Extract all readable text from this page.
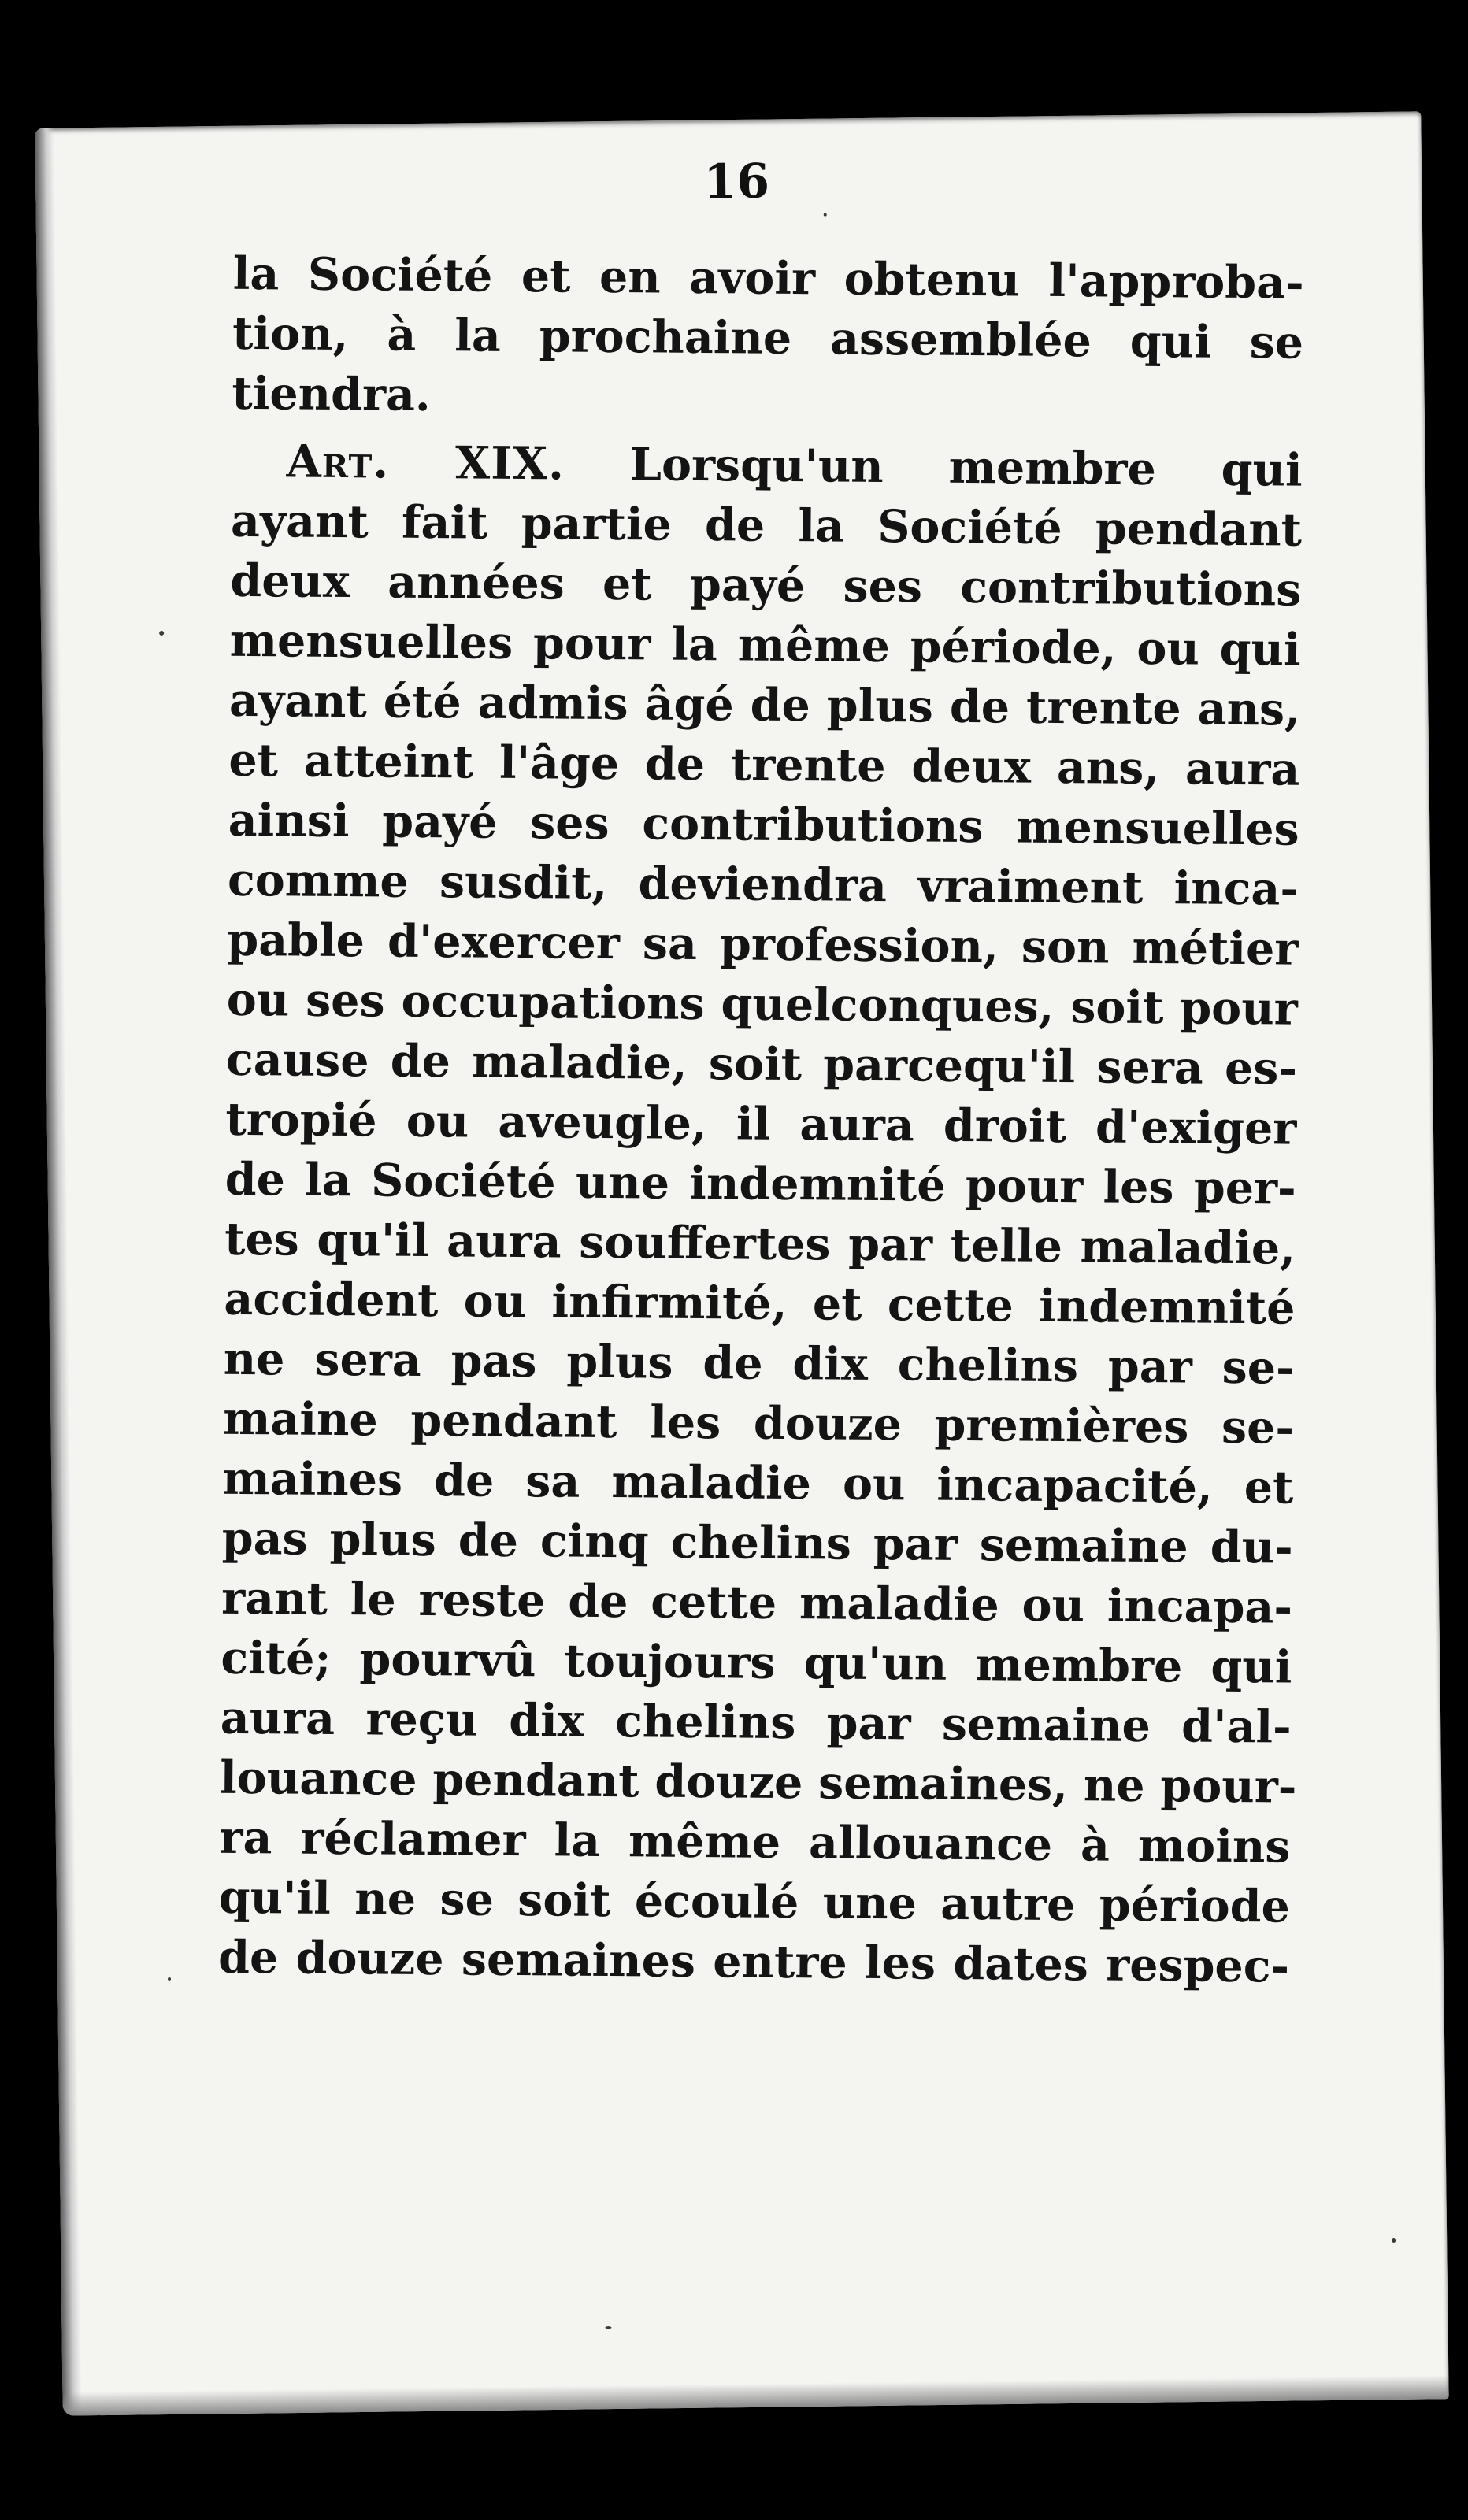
16
la Société et en avoir obtenu l'approba-
tion, à la prochaine assemblée qui se
tiendra.
Art. XIX. Lorsqu'un membre qui
ayant fait partie de la Société pendant
deux années et payé ses contributions
mensuelles pour la même période, ou qui
ayant été admis âgé de plus de trente ans,
et atteint l'âge de trente deux ans, aura
ainsi payé ses contributions mensuelles
comme susdit, deviendra vraiment inca-
pable d'exercer sa profession, son métier
ou ses occupations quelconques, soit pour
cause de maladie, soit parcequ'il sera es-
tropié ou aveugle, il aura droit d'exiger
de la Société une indemnité pour les per-
tes qu'il aura souffertes par telle maladie,
accident ou infirmité, et cette indemnité
ne sera pas plus de dix chelins par se-
maine pendant les douze premières se-
maines de sa maladie ou incapacité, et
pas plus de cinq chelins par semaine du-
rant le reste de cette maladie ou incapa-
cité; pourvû toujours qu'un membre qui
aura reçu dix chelins par semaine d'al-
louance pendant douze semaines, ne pour-
ra réclamer la même allouance à moins
qu'il ne se soit écoulé une autre période
de douze semaines entre les dates respec-
